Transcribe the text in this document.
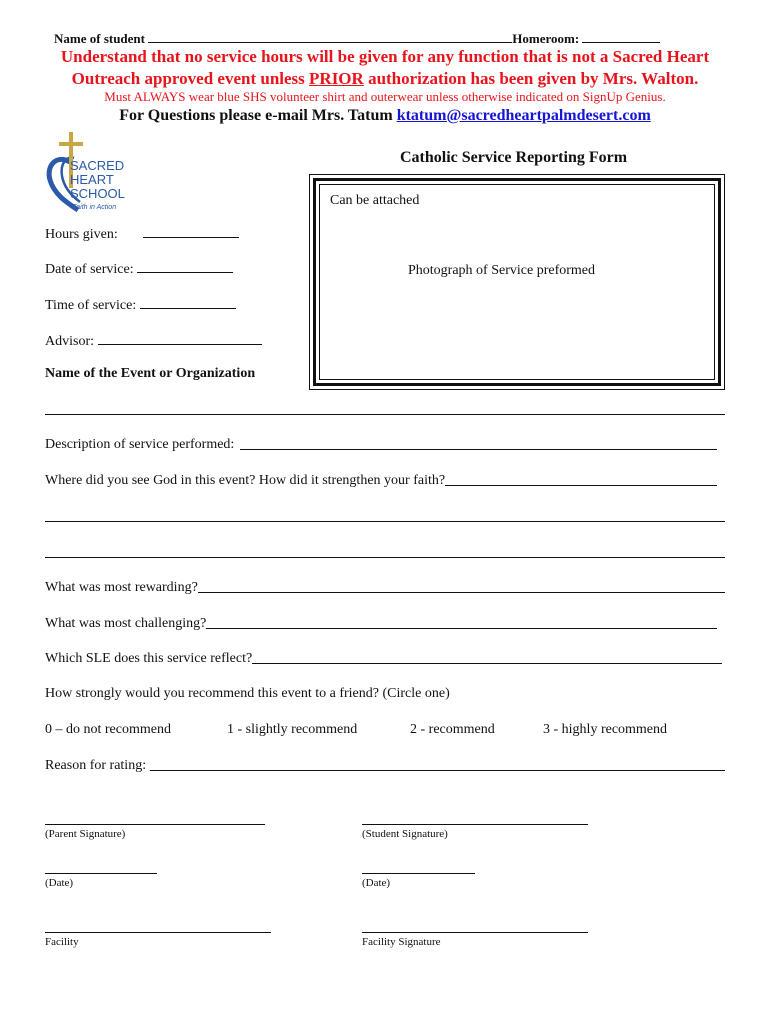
Name of student	Homeroom:
Understand that no service hours will be given for any function that is not a Sacred Heart
Outreach approved event unless PRIOR authorization has been given by Mrs. Walton.
Must ALWAYS wear blue SHS volunteer shirt and outerwear unless otherwise indicated on SignUp Genius.
For Questions please e-mail Mrs. Tatum ktatum@sacredheartpalmdesert.com
SACRED
HEART
SCHOOL
Faith in Action
Catholic Service Reporting Form
Can be attached
Photograph of Service preformed
Hours given:
Date of service:
Time of service:
Advisor:
Name of the Event or Organization
Description of service performed:
Where did you see God in this event? How did it strengthen your faith?
What was most rewarding?
What was most challenging?
Which SLE does this service reflect?
How strongly would you recommend this event to a friend? (Circle one)
0 – do not recommend	1 - slightly recommend	2 - recommend	3 - highly recommend
Reason for rating:
(Parent Signature)	(Student Signature)
(Date)	(Date)
Facility	Facility Signature
